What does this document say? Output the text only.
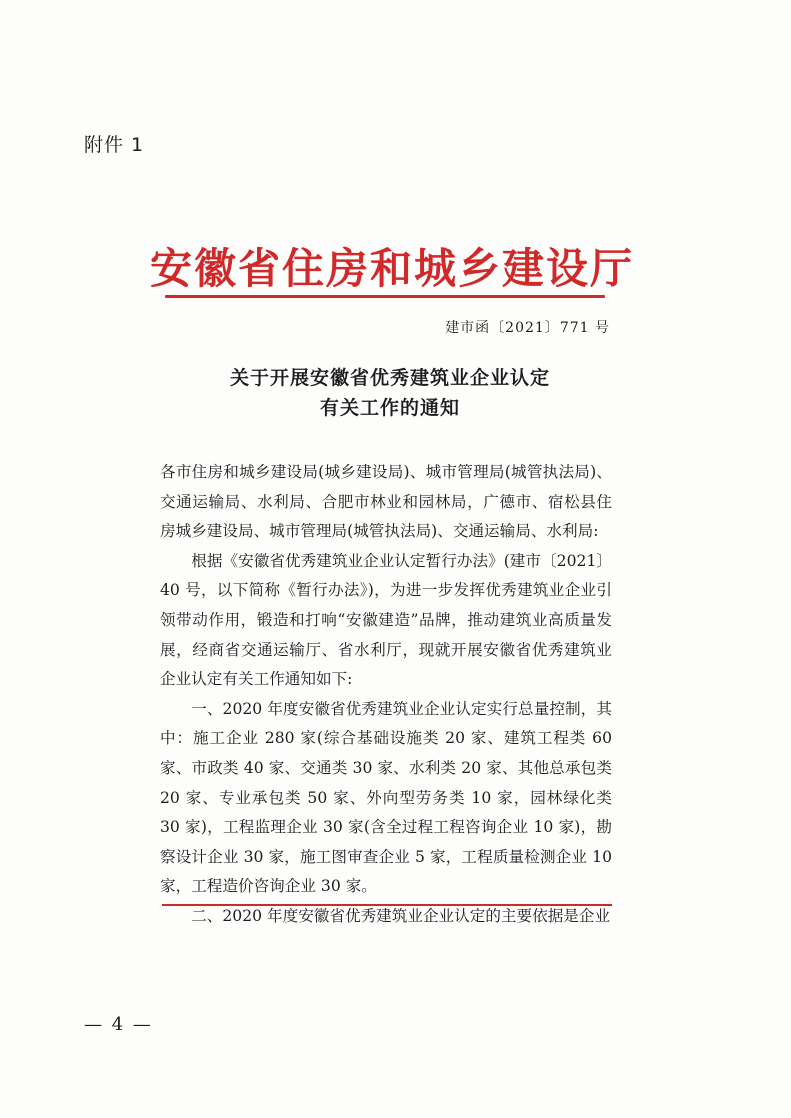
附件 1
安徽省住房和城乡建设厅
建市函〔2021〕771 号
关于开展安徽省优秀建筑业企业认定
有关工作的通知

各市住房和城乡建设局(城乡建设局)、城市管理局(城管执法局)、交通运输局、水利局、合肥市林业和园林局，广德市、宿松县住房城乡建设局、城市管理局(城管执法局)、交通运输局、水利局:

根据《安徽省优秀建筑业企业认定暂行办法》(建市〔2021〕40 号，以下简称《暂行办法》)，为进一步发挥优秀建筑业企业引领带动作用，锻造和打响“安徽建造”品牌，推动建筑业高质量发展，经商省交通运输厅、省水利厅，现就开展安徽省优秀建筑业企业认定有关工作通知如下:

一、2020 年度安徽省优秀建筑业企业认定实行总量控制，其中：施工企业 280 家(综合基础设施类 20 家、建筑工程类 60 家、市政类 40 家、交通类 30 家、水利类 20 家、其他总承包类 20 家、专业承包类 50 家、外向型劳务类 10 家，园林绿化类 30 家)，工程监理企业 30 家(含全过程工程咨询企业 10 家)，勘察设计企业 30 家，施工图审查企业 5 家，工程质量检测企业 10 家，工程造价咨询企业 30 家。

二、2020 年度安徽省优秀建筑业企业认定的主要依据是企业

— 4 —
